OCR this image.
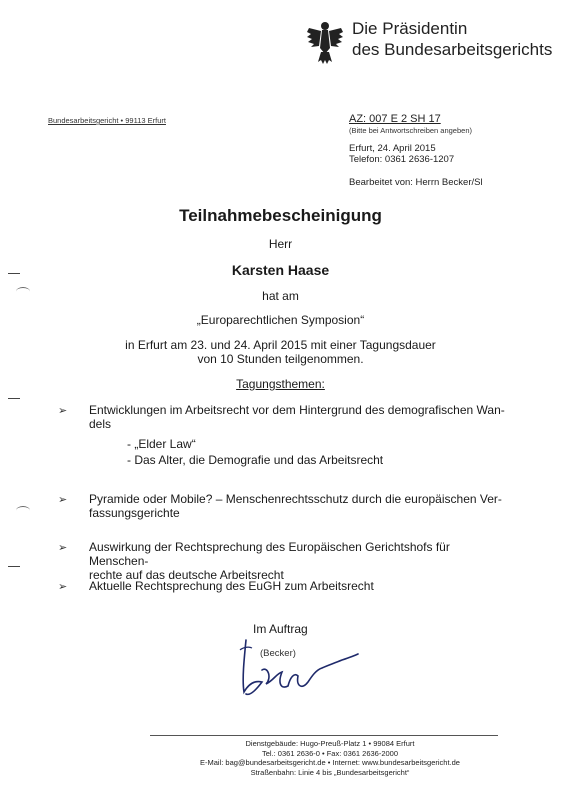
Die Präsidentin
des Bundesarbeitsgerichts
Bundesarbeitsgericht • 99113 Erfurt	AZ: 007 E 2 SH 17
(Bitte bei Antwortschreiben angeben)
Erfurt, 24. April 2015
Telefon: 0361 2636-1207
Bearbeitet von: Herrn Becker/Sl
Teilnahmebescheinigung
Herr
Karsten Haase
hat am
„Europarechtlichen Symposion“
in Erfurt am 23. und 24. April 2015 mit einer Tagungsdauer
von 10 Stunden teilgenommen.
Tagungsthemen:
➢ Entwicklungen im Arbeitsrecht vor dem Hintergrund des demografischen Wan-
dels
- „Elder Law“
- Das Alter, die Demografie und das Arbeitsrecht
➢ Pyramide oder Mobile? – Menschenrechtsschutz durch die europäischen Ver-
fassungsgerichte
➢ Auswirkung der Rechtsprechung des Europäischen Gerichtshofs für Menschen-
rechte auf das deutsche Arbeitsrecht
➢ Aktuelle Rechtsprechung des EuGH zum Arbeitsrecht
Im Auftrag
(Becker)
Dienstgebäude: Hugo-Preuß-Platz 1 • 99084 Erfurt
Tel.: 0361 2636-0 • Fax: 0361 2636-2000
E-Mail: bag@bundesarbeitsgericht.de • Internet: www.bundesarbeitsgericht.de
Straßenbahn: Linie 4 bis „Bundesarbeitsgericht“
